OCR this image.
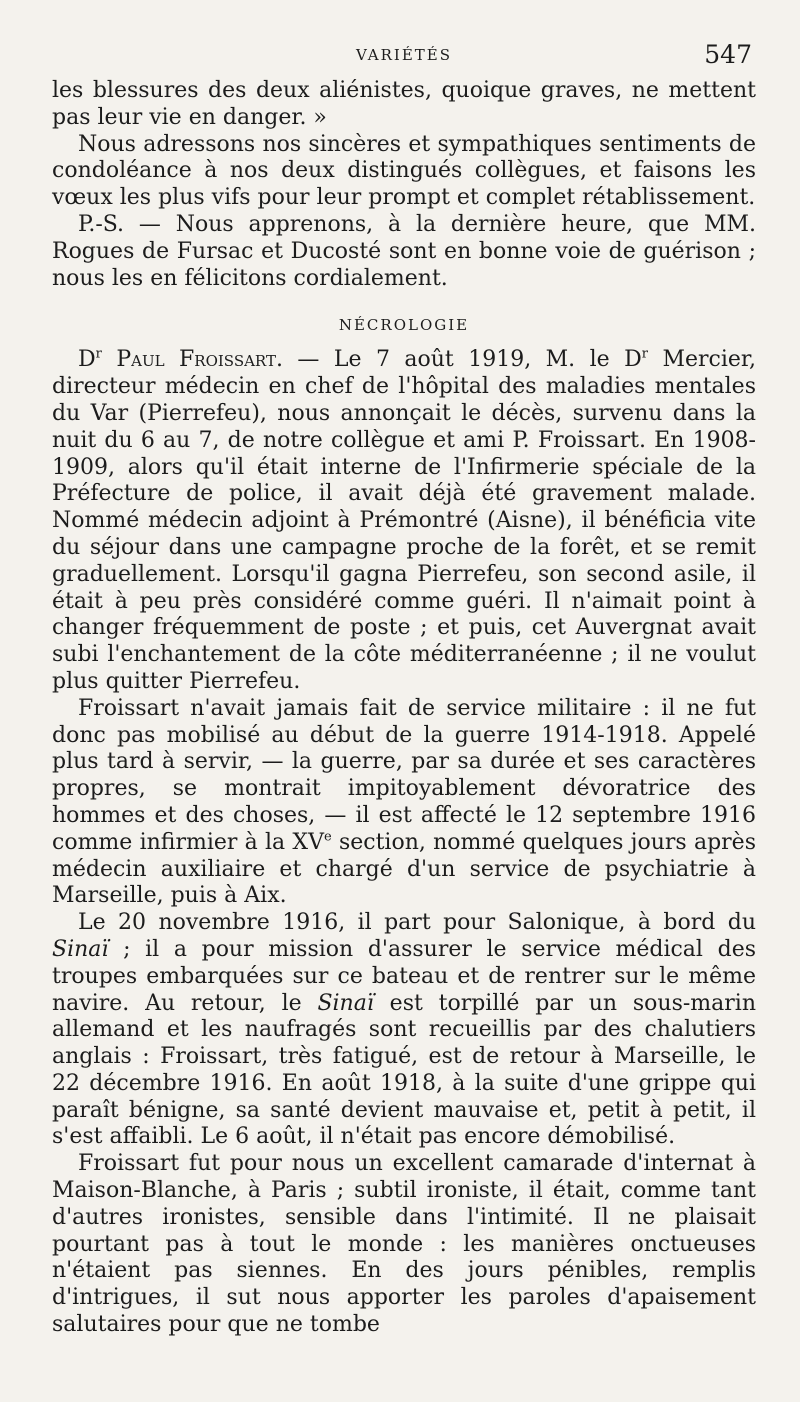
VARIÉTÉS	547

les blessures des deux aliénistes, quoique graves, ne mettent pas leur vie en danger. »

Nous adressons nos sincères et sympathiques sentiments de condoléance à nos deux distingués collègues, et faisons les vœux les plus vifs pour leur prompt et complet rétablissement.

P.-S. — Nous apprenons, à la dernière heure, que MM. Rogues de Fursac et Ducosté sont en bonne voie de guérison ; nous les en félicitons cordialement.

NÉCROLOGIE

$D^r$ Paul Froissart. — Le 7 août 1919, M. le $D^r$ Mercier, directeur médecin en chef de l'hôpital des maladies mentales du Var (Pierrefeu), nous annonçait le décès, survenu dans la nuit du 6 au 7, de notre collègue et ami P. Froissart. En 1908-1909, alors qu'il était interne de l'Infirmerie spéciale de la Préfecture de police, il avait déjà été gravement malade. Nommé médecin adjoint à Prémontré (Aisne), il bénéficia vite du séjour dans une campagne proche de la forêt, et se remit graduellement. Lorsqu'il gagna Pierrefeu, son second asile, il était à peu près considéré comme guéri. Il n'aimait point à changer fréquemment de poste ; et puis, cet Auvergnat avait subi l'enchantement de la côte méditerranéenne ; il ne voulut plus quitter Pierrefeu.

Froissart n'avait jamais fait de service militaire : il ne fut donc pas mobilisé au début de la guerre 1914-1918. Appelé plus tard à servir, — la guerre, par sa durée et ses caractères propres, se montrait impitoyablement dévoratrice des hommes et des choses, — il est affecté le 12 septembre 1916 comme infirmier à la XVe section, nommé quelques jours après médecin auxiliaire et chargé d'un service de psychiatrie à Marseille, puis à Aix.

Le 20 novembre 1916, il part pour Salonique, à bord du Sinaï ; il a pour mission d'assurer le service médical des troupes embarquées sur ce bateau et de rentrer sur le même navire. Au retour, le Sinaï est torpillé par un sous-marin allemand et les naufragés sont recueillis par des chalutiers anglais : Froissart, très fatigué, est de retour à Marseille, le 22 décembre 1916. En août 1918, à la suite d'une grippe qui paraît bénigne, sa santé devient mauvaise et, petit à petit, il s'est affaibli. Le 6 août, il n'était pas encore démobilisé.

Froissart fut pour nous un excellent camarade d'internat à Maison-Blanche, à Paris ; subtil ironiste, il était, comme tant d'autres ironistes, sensible dans l'intimité. Il ne plaisait pourtant pas à tout le monde : les manières onctueuses n'étaient pas siennes. En des jours pénibles, remplis d'intrigues, il sut nous apporter les paroles d'apaisement salutaires pour que ne tombe
